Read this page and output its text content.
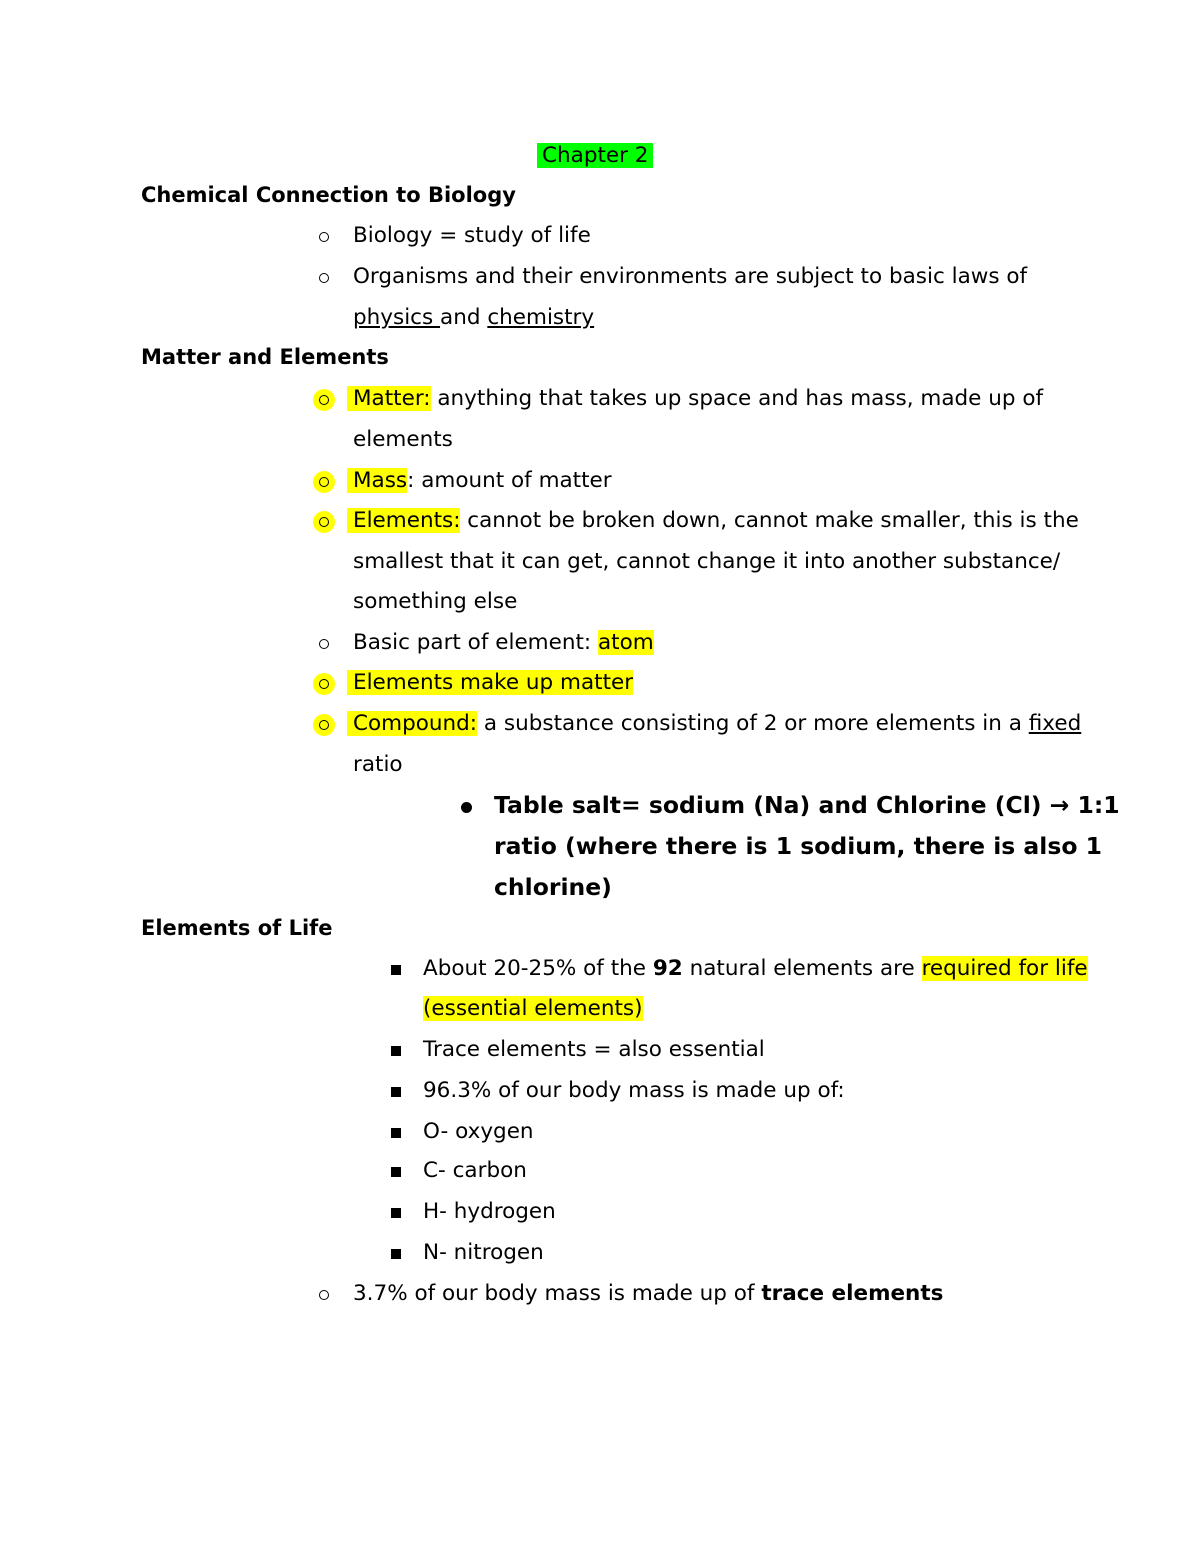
Chapter 2
Chemical Connection to Biology
Biology = study of life
Organisms and their environments are subject to basic laws of
physics and chemistry
Matter and Elements
Matter: anything that takes up space and has mass, made up of
elements
Mass: amount of matter
Elements: cannot be broken down, cannot make smaller, this is the
smallest that it can get, cannot change it into another substance/
something else
Basic part of element: atom
Elements make up matter
Compound: a substance consisting of 2 or more elements in a fixed
ratio
Table salt= sodium (Na) and Chlorine (Cl) → 1:1
ratio (where there is 1 sodium, there is also 1
chlorine)
Elements of Life
About 20-25% of the 92 natural elements are required for life
(essential elements)
Trace elements = also essential
96.3% of our body mass is made up of:
O- oxygen
C- carbon
H- hydrogen
N- nitrogen
3.7% of our body mass is made up of trace elements
